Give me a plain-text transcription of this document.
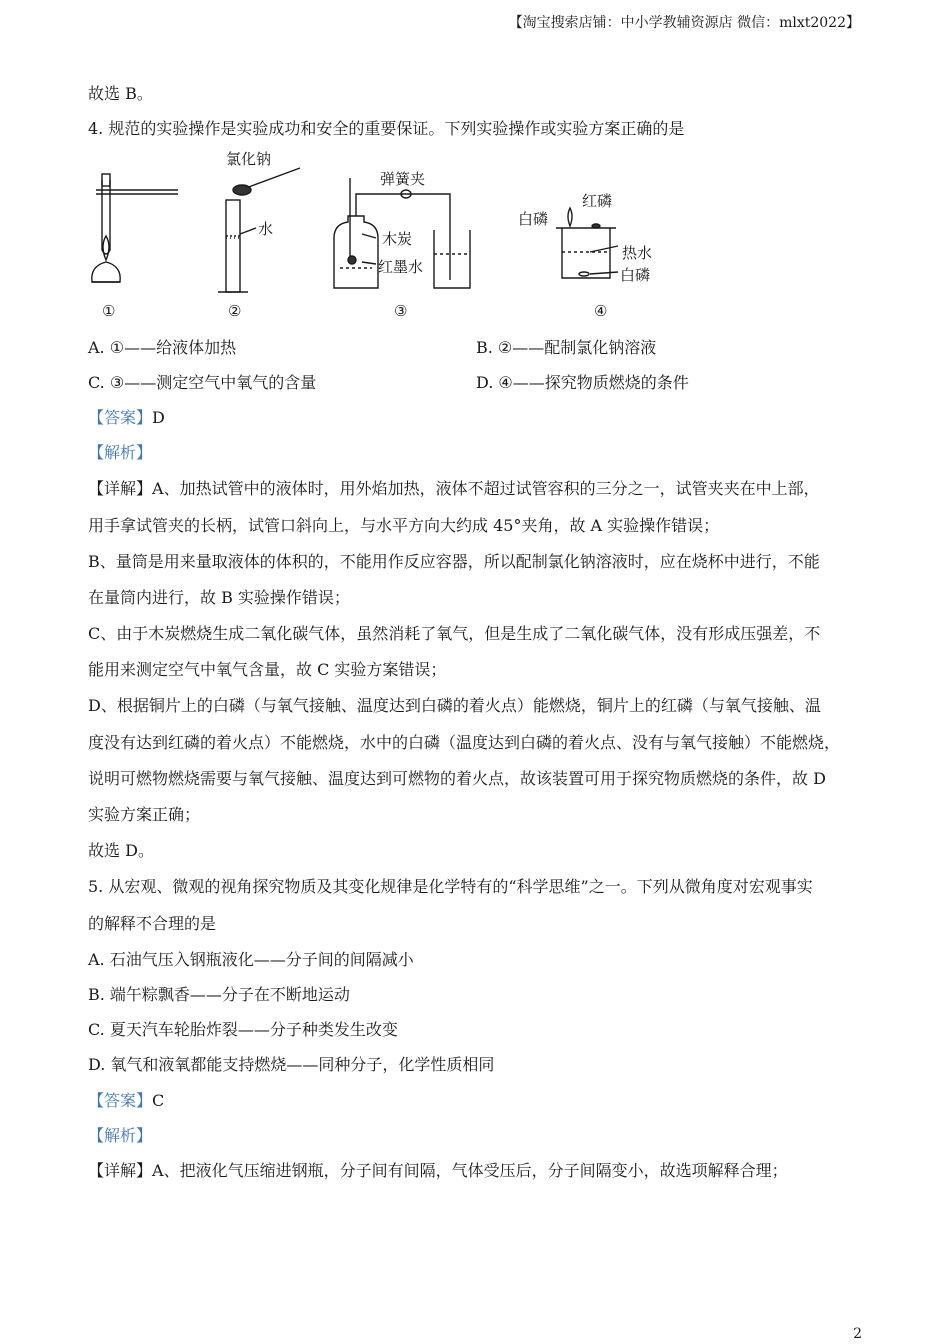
【淘宝搜索店铺：中小学教辅资源店 微信：mlxt2022】
故选 B。
4. 规范的实验操作是实验成功和安全的重要保证。下列实验操作或实验方案正确的是
氯化钠
水
弹簧夹
木炭
红墨水
红磷
白磷
热水
白磷
①	②	③	④
A. ①——给液体加热	B. ②——配制氯化钠溶液
C. ③——测定空气中氧气的含量	D. ④——探究物质燃烧的条件
【答案】D
【解析】
【详解】A、加热试管中的液体时，用外焰加热，液体不超过试管容积的三分之一，试管夹夹在中上部，
用手拿试管夹的长柄，试管口斜向上，与水平方向大约成 45°夹角，故 A 实验操作错误；
B、量筒是用来量取液体的体积的，不能用作反应容器，所以配制氯化钠溶液时，应在烧杯中进行，不能
在量筒内进行，故 B 实验操作错误；
C、由于木炭燃烧生成二氧化碳气体，虽然消耗了氧气，但是生成了二氧化碳气体，没有形成压强差，不
能用来测定空气中氧气含量，故 C 实验方案错误；
D、根据铜片上的白磷（与氧气接触、温度达到白磷的着火点）能燃烧，铜片上的红磷（与氧气接触、温
度没有达到红磷的着火点）不能燃烧，水中的白磷（温度达到白磷的着火点、没有与氧气接触）不能燃烧，
说明可燃物燃烧需要与氧气接触、温度达到可燃物的着火点，故该装置可用于探究物质燃烧的条件，故 D
实验方案正确；
故选 D。
5. 从宏观、微观的视角探究物质及其变化规律是化学特有的“科学思维”之一。下列从微角度对宏观事实
的解释不合理的是
A. 石油气压入钢瓶液化——分子间的间隔减小
B. 端午粽飘香——分子在不断地运动
C. 夏天汽车轮胎炸裂——分子种类发生改变
D. 氧气和液氧都能支持燃烧——同种分子，化学性质相同
【答案】C
【解析】
【详解】A、把液化气压缩进钢瓶，分子间有间隔，气体受压后，分子间隔变小，故选项解释合理；
2
